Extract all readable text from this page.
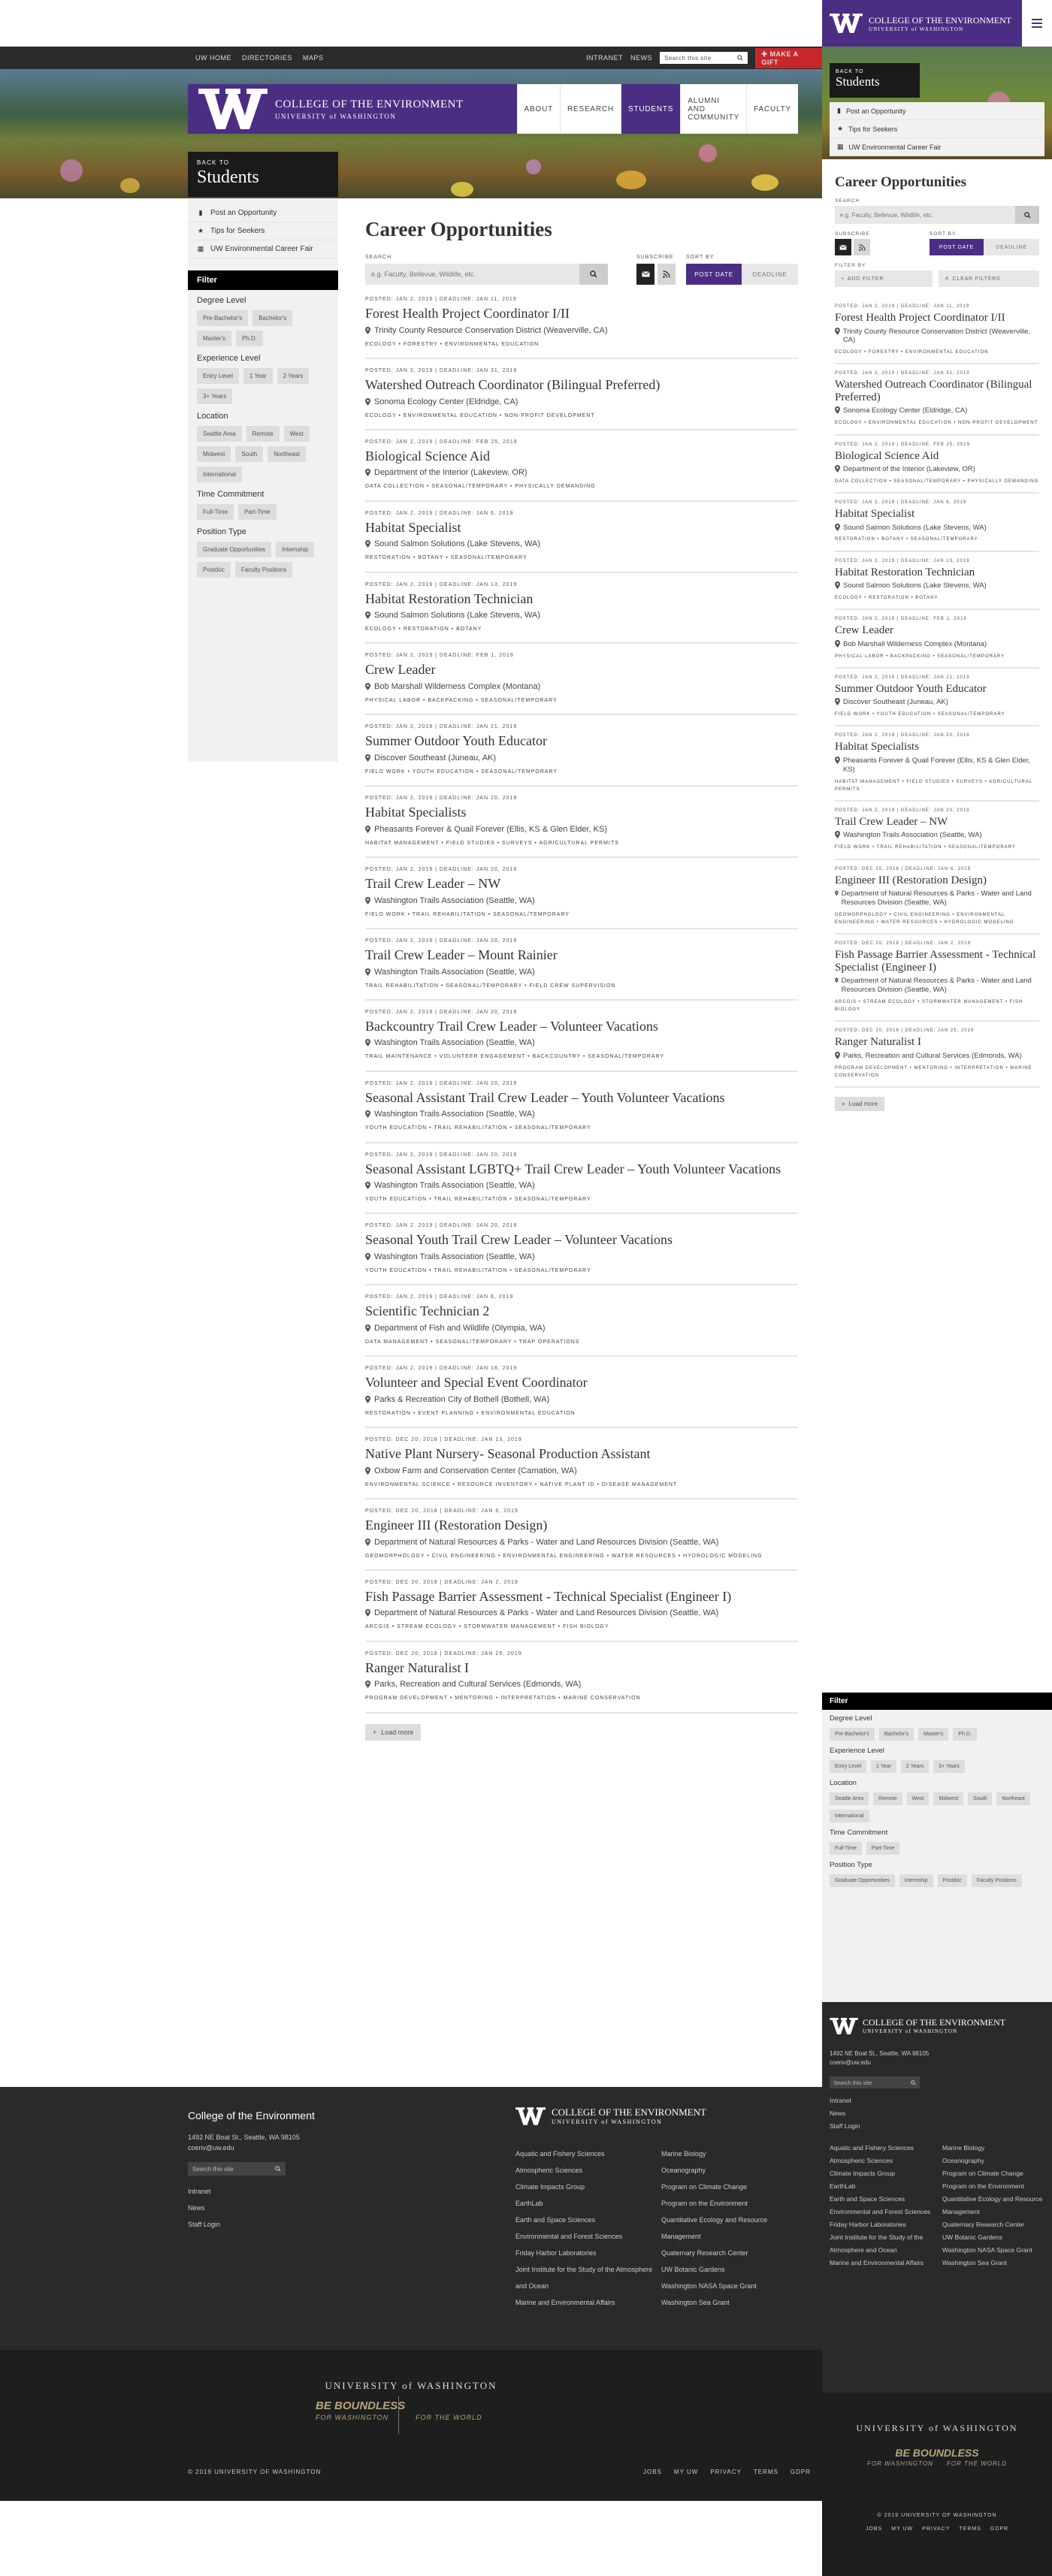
UW HOME DIRECTORIES MAPS	INTRANET NEWS Search this site
✚ MAKE A GIFT
COLLEGE OF THE ENVIRONMENT
UNIVERSITY of WASHINGTON
ABOUT	RESEARCH	STUDENTS
ALUMNI AND COMMUNITY
FACULTY
BACK TO
Students
▮ Post an Opportunity
★ Tips for Seekers
▦ UW Environmental Career Fair
Filter
Degree Level
Pre-Bachelor's	Bachelor's
Master's	Ph.D.
Experience Level
Entry Level	1 Year	2 Years
3+ Years
Location
Seattle Area	Remote	West
Midwest	South	Northeast
International
Time Commitment
Full-Time	Part-Time
Position Type
Graduate Opportunities	Internship
Postdoc	Faculty Positions
Career Opportunities
SEARCH
e.g. Faculty, Bellevue, Wildlife, etc.
SUBSCRIBE SORT BY
POST DATE	DEADLINE
POSTED: JAN 2, 2019 | DEADLINE: JAN 11, 2019
Forest Health Project Coordinator I/II
Trinity County Resource Conservation District (Weaverville, CA)
ECOLOGY • FORESTRY • ENVIRONMENTAL EDUCATION
POSTED: JAN 2, 2019 | DEADLINE: JAN 31, 2019
Watershed Outreach Coordinator (Bilingual Preferred)
Sonoma Ecology Center (Eldridge, CA)
ECOLOGY • ENVIRONMENTAL EDUCATION • NON-PROFIT DEVELOPMENT
POSTED: JAN 2, 2019 | DEADLINE: FEB 25, 2019
Biological Science Aid
Department of the Interior (Lakeview, OR)
DATA COLLECTION • SEASONAL/TEMPORARY • PHYSICALLY DEMANDING
POSTED: JAN 2, 2019 | DEADLINE: JAN 6, 2019
Habitat Specialist
Sound Salmon Solutions (Lake Stevens, WA)
RESTORATION • BOTANY • SEASONAL/TEMPORARY
POSTED: JAN 2, 2019 | DEADLINE: JAN 13, 2019
Habitat Restoration Technician
Sound Salmon Solutions (Lake Stevens, WA)
ECOLOGY • RESTORATION • BOTANY
POSTED: JAN 2, 2019 | DEADLINE: FEB 1, 2019
Crew Leader
Bob Marshall Wilderness Complex (Montana)
PHYSICAL LABOR • BACKPACKING • SEASONAL/TEMPORARY
POSTED: JAN 2, 2019 | DEADLINE: JAN 21, 2019
Summer Outdoor Youth Educator
Discover Southeast (Juneau, AK)
FIELD WORK • YOUTH EDUCATION • SEASONAL/TEMPORARY
POSTED: JAN 2, 2019 | DEADLINE: JAN 20, 2019
Habitat Specialists
Pheasants Forever & Quail Forever (Ellis, KS & Glen Elder, KS)
HABITAT MANAGEMENT • FIELD STUDIES • SURVEYS • AGRICULTURAL PERMITS
POSTED: JAN 2, 2019 | DEADLINE: JAN 20, 2019
Trail Crew Leader – NW
Washington Trails Association (Seattle, WA)
FIELD WORK • TRAIL REHABILITATION • SEASONAL/TEMPORARY
POSTED: JAN 2, 2019 | DEADLINE: JAN 20, 2019
Trail Crew Leader – Mount Rainier
Washington Trails Association (Seattle, WA)
TRAIL REHABILITATION • SEASONAL/TEMPORARY • FIELD CREW SUPERVISION
POSTED: JAN 2, 2019 | DEADLINE: JAN 20, 2019
Backcountry Trail Crew Leader – Volunteer Vacations
Washington Trails Association (Seattle, WA)
TRAIL MAINTENANCE • VOLUNTEER ENGAGEMENT • BACKCOUNTRY • SEASONAL/TEMPORARY
POSTED: JAN 2, 2019 | DEADLINE: JAN 20, 2019
Seasonal Assistant Trail Crew Leader – Youth Volunteer Vacations
Washington Trails Association (Seattle, WA)
YOUTH EDUCATION • TRAIL REHABILITATION • SEASONAL/TEMPORARY
POSTED: JAN 2, 2019 | DEADLINE: JAN 20, 2019
Seasonal Assistant LGBTQ+ Trail Crew Leader – Youth Volunteer Vacations
Washington Trails Association (Seattle, WA)
YOUTH EDUCATION • TRAIL REHABILITATION • SEASONAL/TEMPORARY
POSTED: JAN 2, 2019 | DEADLINE: JAN 20, 2019
Seasonal Youth Trail Crew Leader – Volunteer Vacations
Washington Trails Association (Seattle, WA)
YOUTH EDUCATION • TRAIL REHABILITATION • SEASONAL/TEMPORARY
POSTED: JAN 2, 2019 | DEADLINE: JAN 6, 2019
Scientific Technician 2
Department of Fish and Wildlife (Olympia, WA)
DATA MANAGEMENT • SEASONAL/TEMPORARY • TRAP OPERATIONS
POSTED: JAN 2, 2019 | DEADLINE: JAN 18, 2019
Volunteer and Special Event Coordinator
Parks & Recreation City of Bothell (Bothell, WA)
RESTORATION • EVENT PLANNING • ENVIRONMENTAL EDUCATION
POSTED: DEC 20, 2018 | DEADLINE: JAN 13, 2019
Native Plant Nursery- Seasonal Production Assistant
Oxbow Farm and Conservation Center (Carnation, WA)
ENVIRONMENTAL SCIENCE • RESOURCE INVENTORY • NATIVE PLANT ID • DISEASE MANAGEMENT
POSTED: DEC 20, 2018 | DEADLINE: JAN 6, 2019
Engineer III (Restoration Design)
Department of Natural Resources & Parks - Water and Land Resources Division (Seattle, WA)
GEOMORPHOLOGY • CIVIL ENGINEERING • ENVIRONMENTAL ENGINEERING • WATER RESOURCES • HYDROLOGIC MODELING
POSTED: DEC 20, 2018 | DEADLINE: JAN 2, 2019
Fish Passage Barrier Assessment - Technical Specialist (Engineer I)
Department of Natural Resources & Parks - Water and Land Resources Division (Seattle, WA)
ARCGIS • STREAM ECOLOGY • STORMWATER MANAGEMENT • FISH BIOLOGY
POSTED: DEC 20, 2018 | DEADLINE: JAN 25, 2019
Ranger Naturalist I
Parks, Recreation and Cultural Services (Edmonds, WA)
PROGRAM DEVELOPMENT • MENTORING • INTERPRETATION • MARINE CONSERVATION
+ Load more
College of the Environment
1492 NE Boat St., Seattle, WA 98105
coenv@uw.edu
Search this site
Intranet
News
Staff Login
COLLEGE OF THE ENVIRONMENT
UNIVERSITY of WASHINGTON
Aquatic and Fishery Sciences
Atmospheric Sciences
Climate Impacts Group
EarthLab
Earth and Space Sciences
Environmental and Forest Sciences
Friday Harbor Laboratories
Joint Institute for the Study of the Atmosphere and Ocean
Marine and Environmental Affairs
Marine Biology
Oceanography
Program on Climate Change
Program on the Environment
Quantitative Ecology and Resource Management
Quaternary Research Center
UW Botanic Gardens
Washington NASA Space Grant
Washington Sea Grant
UNIVERSITY of WASHINGTON
BE BOUNDLESS
FOR WASHINGTON	FOR THE WORLD
© 2019 UNIVERSITY OF WASHINGTON	JOBS MY UW PRIVACY TERMS GDPR
COLLEGE OF THE ENVIRONMENT
UNIVERSITY of WASHINGTON
BACK TO
Students
▮ Post an Opportunity
★ Tips for Seekers
▦ UW Environmental Career Fair
Career Opportunities
SEARCH
e.g. Faculty, Bellevue, Wildlife, etc.
SUBSCRIBE	SORT BY
POST DATE	DEADLINE
FILTER BY
+ ADD FILTER	✕ CLEAR FILTERS
POSTED: JAN 2, 2019 | DEADLINE: JAN 11, 2019
Forest Health Project Coordinator I/II
Trinity County Resource Conservation District (Weaverville, CA)
ECOLOGY • FORESTRY • ENVIRONMENTAL EDUCATION
POSTED: JAN 2, 2019 | DEADLINE: JAN 31, 2019
Watershed Outreach Coordinator (Bilingual Preferred)
Sonoma Ecology Center (Eldridge, CA)
ECOLOGY • ENVIRONMENTAL EDUCATION • NON-PROFIT DEVELOPMENT
POSTED: JAN 2, 2019 | DEADLINE: FEB 25, 2019
Biological Science Aid
Department of the Interior (Lakeview, OR)
DATA COLLECTION • SEASONAL/TEMPORARY • PHYSICALLY DEMANDING
POSTED: JAN 2, 2019 | DEADLINE: JAN 6, 2019
Habitat Specialist
Sound Salmon Solutions (Lake Stevens, WA)
RESTORATION • BOTANY • SEASONAL/TEMPORARY
POSTED: JAN 2, 2019 | DEADLINE: JAN 13, 2019
Habitat Restoration Technician
Sound Salmon Solutions (Lake Stevens, WA)
ECOLOGY • RESTORATION • BOTANY
POSTED: JAN 2, 2019 | DEADLINE: FEB 1, 2019
Crew Leader
Bob Marshall Wilderness Complex (Montana)
PHYSICAL LABOR • BACKPACKING • SEASONAL/TEMPORARY
POSTED: JAN 2, 2019 | DEADLINE: JAN 21, 2019
Summer Outdoor Youth Educator
Discover Southeast (Juneau, AK)
FIELD WORK • YOUTH EDUCATION • SEASONAL/TEMPORARY
POSTED: JAN 2, 2019 | DEADLINE: JAN 20, 2019
Habitat Specialists
Pheasants Forever & Quail Forever (Ellis, KS & Glen Elder, KS)
HABITAT MANAGEMENT • FIELD STUDIES • SURVEYS • AGRICULTURAL PERMITS
POSTED: JAN 2, 2019 | DEADLINE: JAN 20, 2019
Trail Crew Leader – NW
Washington Trails Association (Seattle, WA)
FIELD WORK • TRAIL REHABILITATION • SEASONAL/TEMPORARY
POSTED: DEC 20, 2018 | DEADLINE: JAN 6, 2019
Engineer III (Restoration Design)
Department of Natural Resources & Parks - Water and Land Resources Division (Seattle, WA)
GEOMORPHOLOGY • CIVIL ENGINEERING • ENVIRONMENTAL ENGINEERING • WATER RESOURCES • HYDROLOGIC MODELING
POSTED: DEC 20, 2018 | DEADLINE: JAN 2, 2019
Fish Passage Barrier Assessment - Technical Specialist (Engineer I)
Department of Natural Resources & Parks - Water and Land Resources Division (Seattle, WA)
ARCGIS • STREAM ECOLOGY • STORMWATER MANAGEMENT • FISH BIOLOGY
POSTED: DEC 20, 2018 | DEADLINE: JAN 25, 2019
Ranger Naturalist I
Parks, Recreation and Cultural Services (Edmonds, WA)
PROGRAM DEVELOPMENT • MENTORING • INTERPRETATION • MARINE CONSERVATION
+ Load more
Filter
Degree Level
Pre-Bachelor's	Bachelor's	Master's	Ph.D.
Experience Level
Entry Level	1 Year	2 Years	3+ Years
Location
Seattle Area	Remote	West	Midwest	South	Northeast
International
Time Commitment
Full-Time	Part-Time
Position Type
Graduate Opportunities	Internship	Postdoc	Faculty Positions
COLLEGE OF THE ENVIRONMENT
UNIVERSITY of WASHINGTON
1492 NE Boat St., Seattle, WA 98105
coenv@uw.edu
Search this site
Intranet
News
Staff Login
Aquatic and Fishery Sciences
Atmospheric Sciences
Climate Impacts Group
EarthLab
Earth and Space Sciences
Environmental and Forest Sciences
Friday Harbor Laboratories
Joint Institute for the Study of the Atmosphere and Ocean
Marine and Environmental Affairs
Marine Biology
Oceanography
Program on Climate Change
Program on the Environment
Quantitative Ecology and Resource Management
Quaternary Research Center
UW Botanic Gardens
Washington NASA Space Grant
Washington Sea Grant
UNIVERSITY of WASHINGTON
BE BOUNDLESS
FOR WASHINGTON FOR THE WORLD
© 2019 UNIVERSITY OF WASHINGTON
JOBS MY UW PRIVACY TERMS GDPR
